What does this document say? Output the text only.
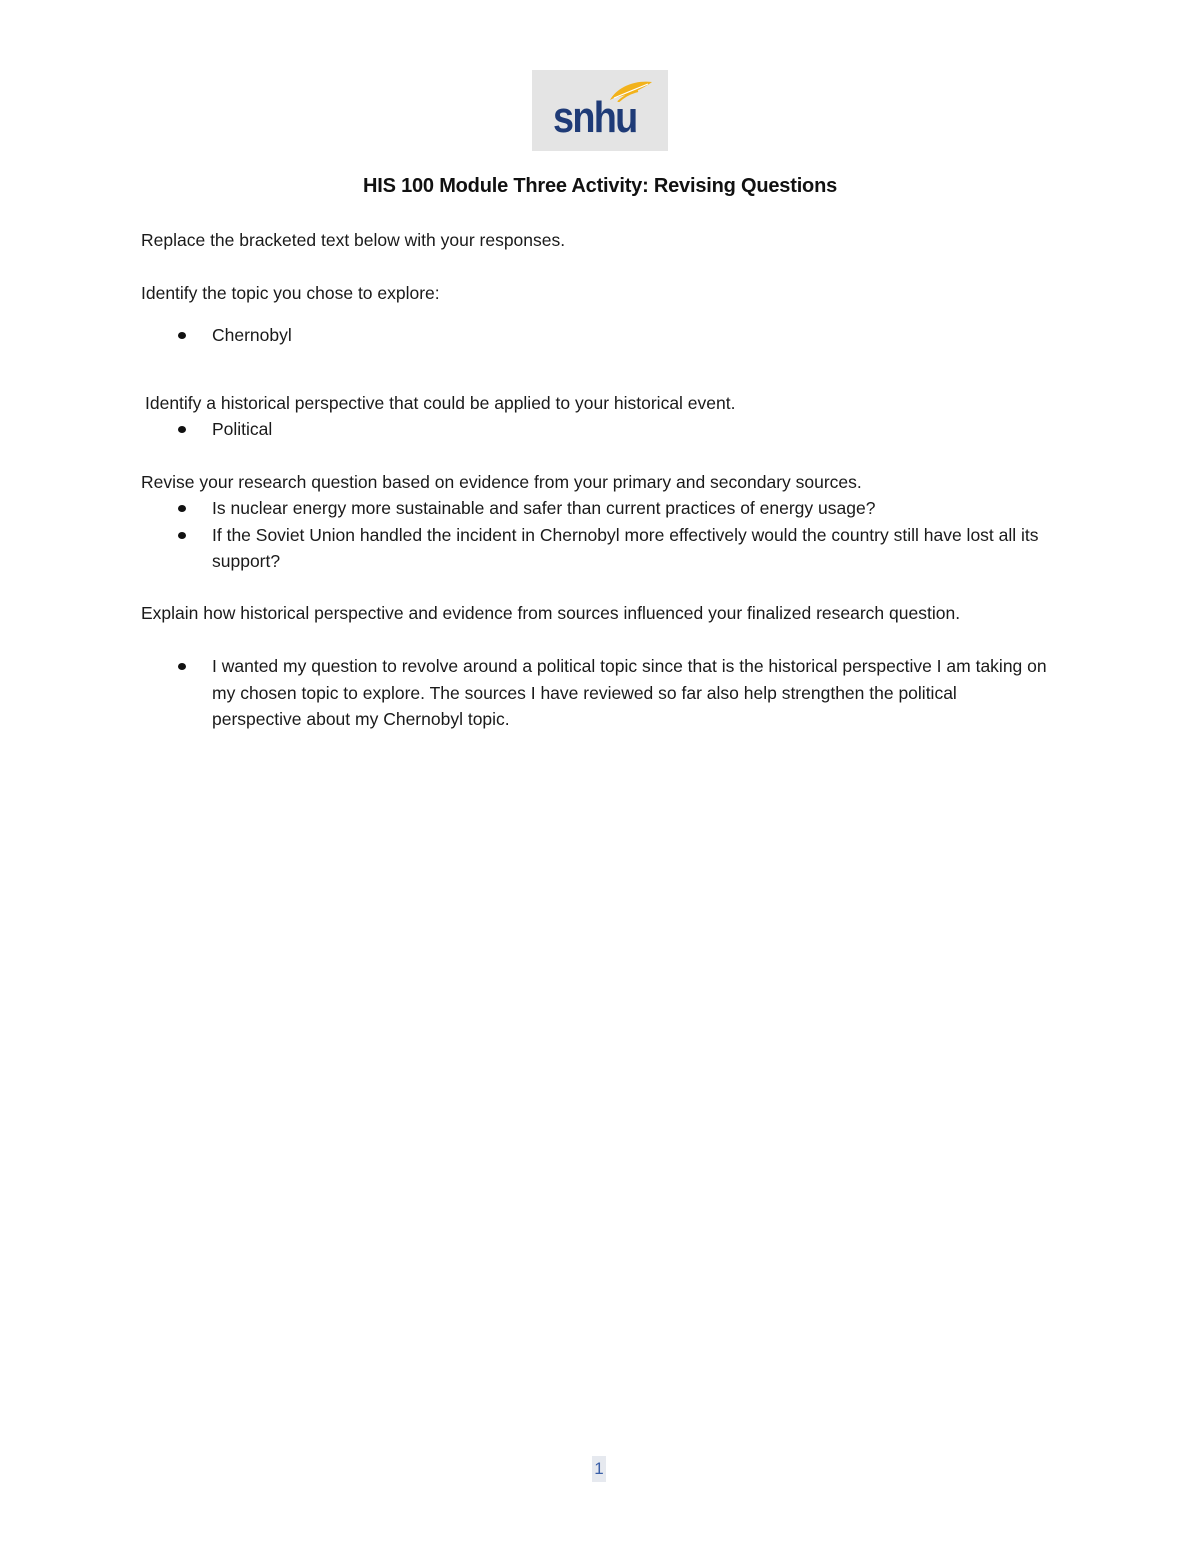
snhu
HIS 100 Module Three Activity: Revising Questions

Replace the bracketed text below with your responses.

Identify the topic you chose to explore:

Chernobyl

Identify a historical perspective that could be applied to your historical event.

Political

Revise your research question based on evidence from your primary and secondary sources.

Is nuclear energy more sustainable and safer than current practices of energy usage?
If the Soviet Union handled the incident in Chernobyl more effectively would the country still have lost all its support?

Explain how historical perspective and evidence from sources influenced your finalized research question.

I wanted my question to revolve around a political topic since that is the historical perspective I am taking on my chosen topic to explore. The sources I have reviewed so far also help strengthen the political perspective about my Chernobyl topic.
1
